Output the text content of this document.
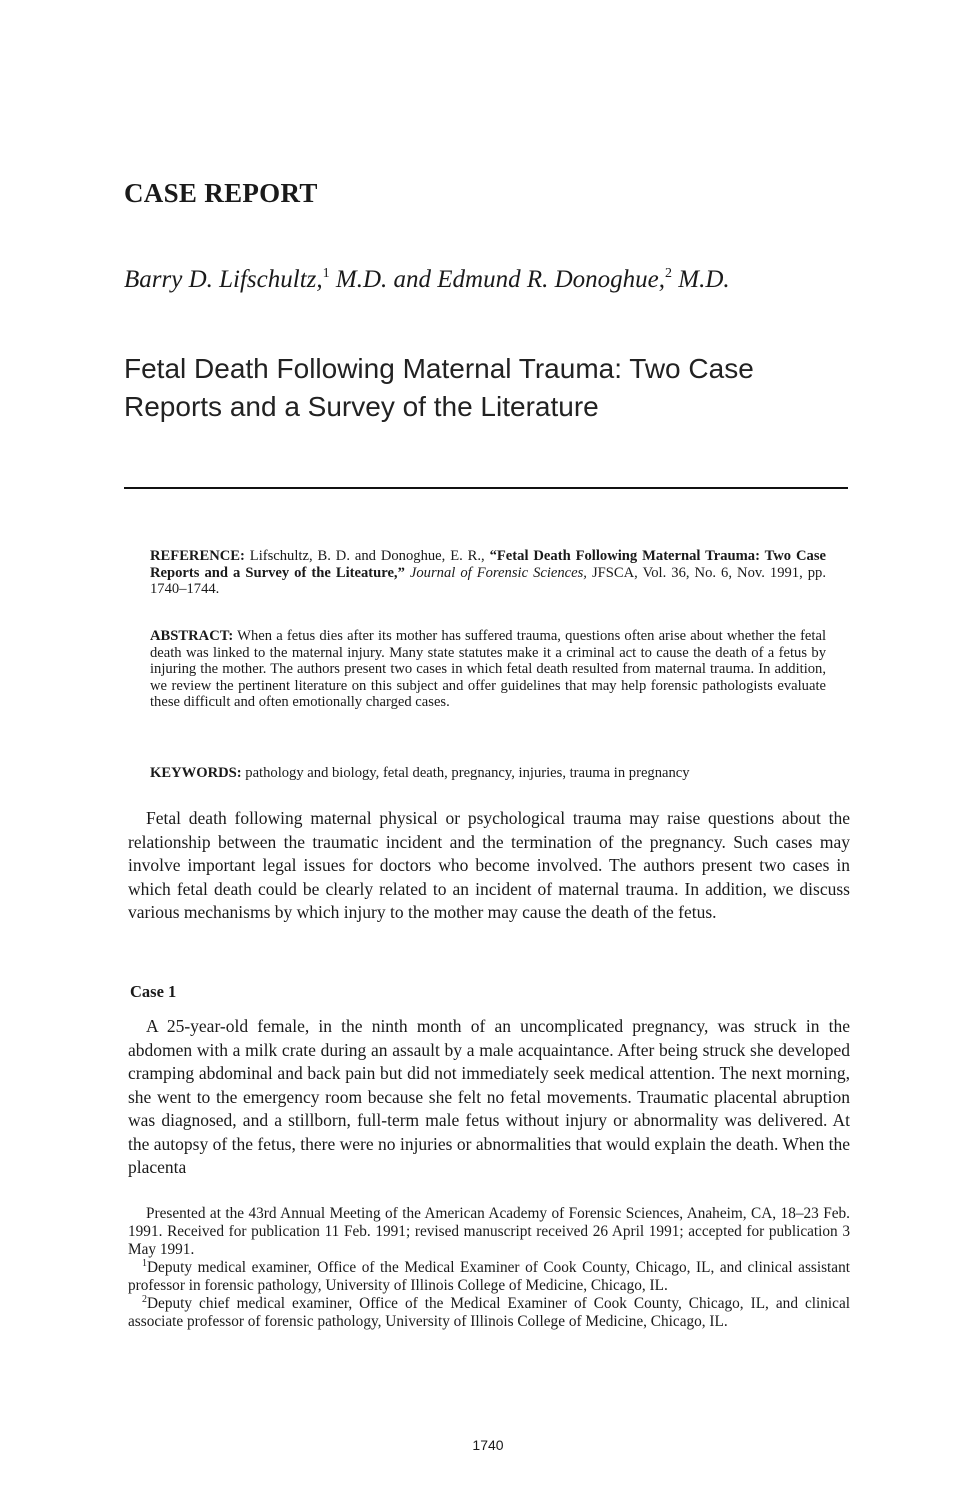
CASE REPORT
Barry D. Lifschultz,$^1$ M.D. and Edmund R. Donoghue,$^2$ M.D.
Fetal Death Following Maternal Trauma: Two Case Reports and a Survey of the Literature
REFERENCE: Lifschultz, B. D. and Donoghue, E. R., “Fetal Death Following Maternal Trauma: Two Case Reports and a Survey of the Liteature,” Journal of Forensic Sciences, JFSCA, Vol. 36, No. 6, Nov. 1991, pp. 1740–1744.
ABSTRACT: When a fetus dies after its mother has suffered trauma, questions often arise about whether the fetal death was linked to the maternal injury. Many state statutes make it a criminal act to cause the death of a fetus by injuring the mother. The authors present two cases in which fetal death resulted from maternal trauma. In addition, we review the pertinent literature on this subject and offer guidelines that may help forensic pathologists evaluate these difficult and often emotionally charged cases.
KEYWORDS: pathology and biology, fetal death, pregnancy, injuries, trauma in pregnancy
Fetal death following maternal physical or psychological trauma may raise questions about the relationship between the traumatic incident and the termination of the pregnancy. Such cases may involve important legal issues for doctors who become involved. The authors present two cases in which fetal death could be clearly related to an incident of maternal trauma. In addition, we discuss various mechanisms by which injury to the mother may cause the death of the fetus.
Case 1
A 25-year-old female, in the ninth month of an uncomplicated pregnancy, was struck in the abdomen with a milk crate during an assault by a male acquaintance. After being struck she developed cramping abdominal and back pain but did not immediately seek medical attention. The next morning, she went to the emergency room because she felt no fetal movements. Traumatic placental abruption was diagnosed, and a stillborn, full-term male fetus without injury or abnormality was delivered. At the autopsy of the fetus, there were no injuries or abnormalities that would explain the death. When the placenta

Presented at the 43rd Annual Meeting of the American Academy of Forensic Sciences, Anaheim, CA, 18–23 Feb. 1991. Received for publication 11 Feb. 1991; revised manuscript received 26 April 1991; accepted for publication 3 May 1991.

$^1$Deputy medical examiner, Office of the Medical Examiner of Cook County, Chicago, IL, and clinical assistant professor in forensic pathology, University of Illinois College of Medicine, Chicago, IL.

$^2$Deputy chief medical examiner, Office of the Medical Examiner of Cook County, Chicago, IL, and clinical associate professor of forensic pathology, University of Illinois College of Medicine, Chicago, IL.

1740
